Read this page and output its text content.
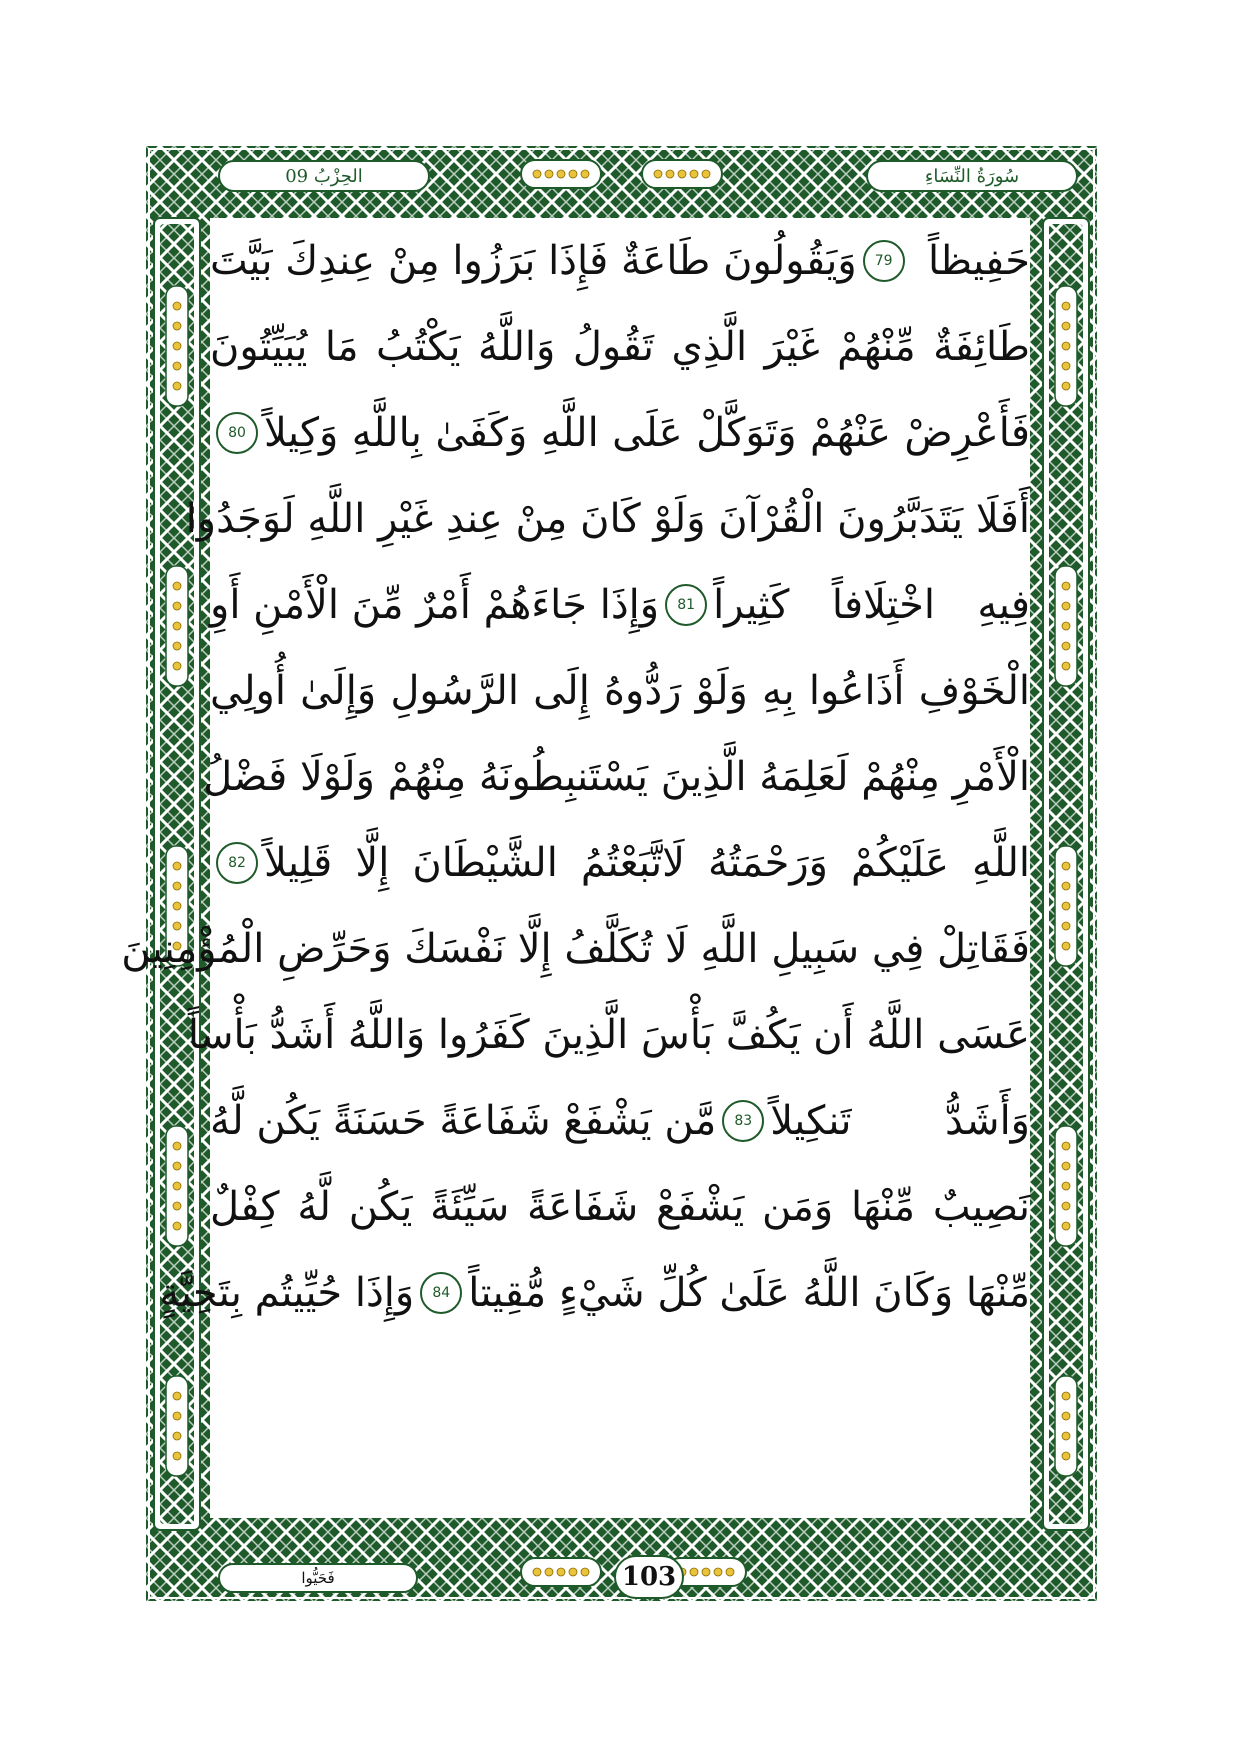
سُورَةُ النِّسَاءِ
الحِزْبُ 09
حَفِيظاً
79
وَيَقُولُونَ طَاعَةٌ فَإِذَا بَرَزُوا مِنْ عِندِكَ بَيَّتَ
طَائِفَةٌ مِّنْهُمْ غَيْرَ الَّذِي تَقُولُ وَاللَّهُ يَكْتُبُ مَا يُبَيِّتُونَ
فَأَعْرِضْ عَنْهُمْ وَتَوَكَّلْ عَلَى اللَّهِ وَكَفَىٰ بِاللَّهِ وَكِيلاً
80
أَفَلَا يَتَدَبَّرُونَ الْقُرْآنَ وَلَوْ كَانَ مِنْ عِندِ غَيْرِ اللَّهِ لَوَجَدُوا
فِيهِ اخْتِلَافاً كَثِيراً
81
وَإِذَا جَاءَهُمْ أَمْرٌ مِّنَ الْأَمْنِ أَوِ
الْخَوْفِ أَذَاعُوا بِهِ وَلَوْ رَدُّوهُ إِلَى الرَّسُولِ وَإِلَىٰ أُولِي
الْأَمْرِ مِنْهُمْ لَعَلِمَهُ الَّذِينَ يَسْتَنبِطُونَهُ مِنْهُمْ وَلَوْلَا فَضْلُ
اللَّهِ عَلَيْكُمْ وَرَحْمَتُهُ لَاتَّبَعْتُمُ الشَّيْطَانَ إِلَّا قَلِيلاً
82
فَقَاتِلْ فِي سَبِيلِ اللَّهِ لَا تُكَلَّفُ إِلَّا نَفْسَكَ وَحَرِّضِ الْمُؤْمِنِينَ
عَسَى اللَّهُ أَن يَكُفَّ بَأْسَ الَّذِينَ كَفَرُوا وَاللَّهُ أَشَدُّ بَأْساً
وَأَشَدُّ تَنكِيلاً
83
مَّن يَشْفَعْ شَفَاعَةً حَسَنَةً يَكُن لَّهُ
نَصِيبٌ مِّنْهَا وَمَن يَشْفَعْ شَفَاعَةً سَيِّئَةً يَكُن لَّهُ كِفْلٌ
مِّنْهَا وَكَانَ اللَّهُ عَلَىٰ كُلِّ شَيْءٍ مُّقِيتاً
84
وَإِذَا حُيِّيتُم بِتَحِيَّةٍ
فَحَيُّوا	103
